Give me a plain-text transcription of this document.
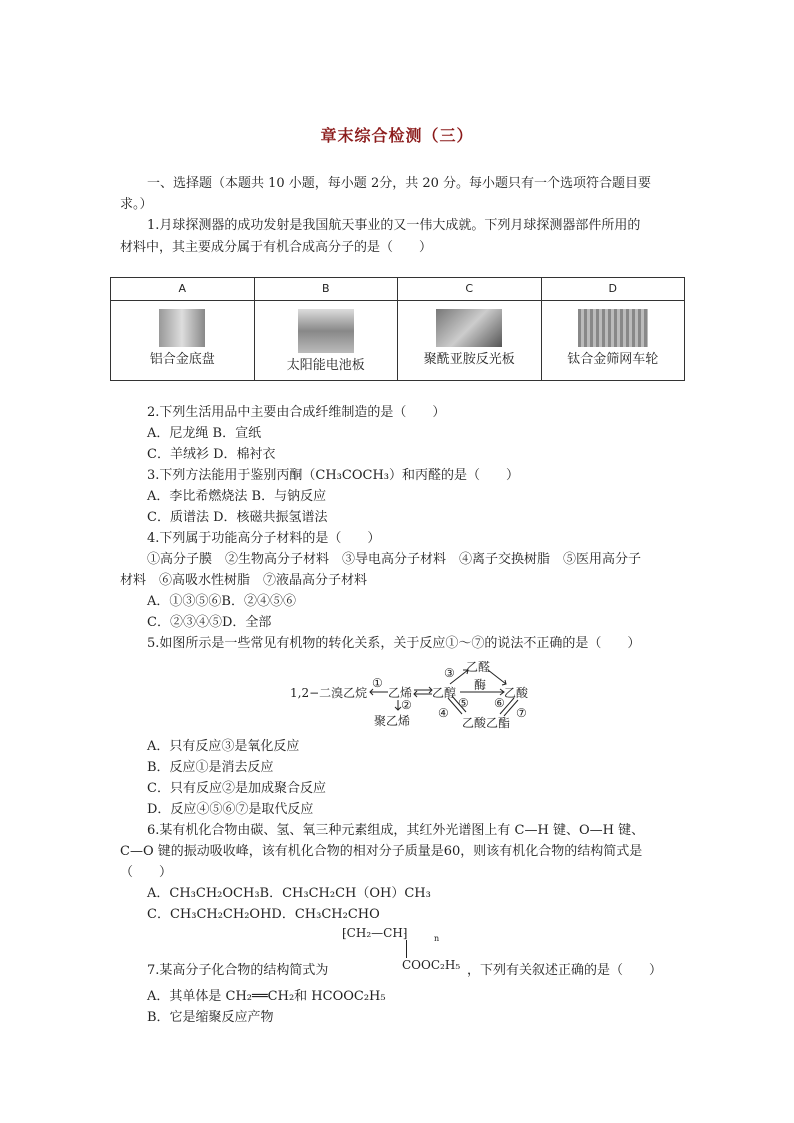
章末综合检测（三）
一、选择题（本题共 10 小题，每小题 2分，共 20 分。每小题只有一个选项符合题目要
求。）
1.月球探测器的成功发射是我国航天事业的又一伟大成就。下列月球探测器部件所用的
材料中，其主要成分属于有机合成高分子的是（　　）
A	B	C	D

铝合金底盘	太阳能电池板	聚酰亚胺反光板	钛合金筛网车轮
2.下列生活用品中主要由合成纤维制造的是（　　）
A．尼龙绳 B．宣纸
C．羊绒衫 D．棉衬衣
3.下列方法能用于鉴别丙酮（CH₃COCH₃）和丙醛的是（　　）
A．李比希燃烧法 B．与钠反应
C．质谱法 D．核磁共振氢谱法
4.下列属于功能高分子材料的是（　　）
①高分子膜　②生物高分子材料　③导电高分子材料　④离子交换树脂　⑤医用高分子
材料　⑥高吸水性树脂　⑦液晶高分子材料
A．①③⑤⑥B．②④⑤⑥
C．②③④⑤D．全部
5.如图所示是一些常见有机物的转化关系，关于反应①～⑦的说法不正确的是（　　）
1,2−二溴乙烷
①
乙烯 乙醇
③ 乙醛
酶
乙酸
②
聚乙烯
④
⑤
乙酸乙酯
⑥
⑦
A．只有反应③是氧化反应
B．反应①是消去反应
C．只有反应②是加成聚合反应
D．反应④⑤⑥⑦是取代反应
6.某有机化合物由碳、氢、氧三种元素组成，其红外光谱图上有 C—H 键、O—H 键、
C—O 键的振动吸收峰，该有机化合物的相对分子质量是60，则该有机化合物的结构简式是
（　　）
A．CH₃CH₂OCH₃B．CH₃CH₂CH（OH）CH₃
C．CH₃CH₂CH₂OHD．CH₃CH₂CHO
⁅CH₂—CH⁆	n
COOC₂H₅
7.某高分子化合物的结构简式为	，下列有关叙述正确的是（　　）
A．其单体是 CH₂══CH₂和 HCOOC₂H₅
B．它是缩聚反应产物
